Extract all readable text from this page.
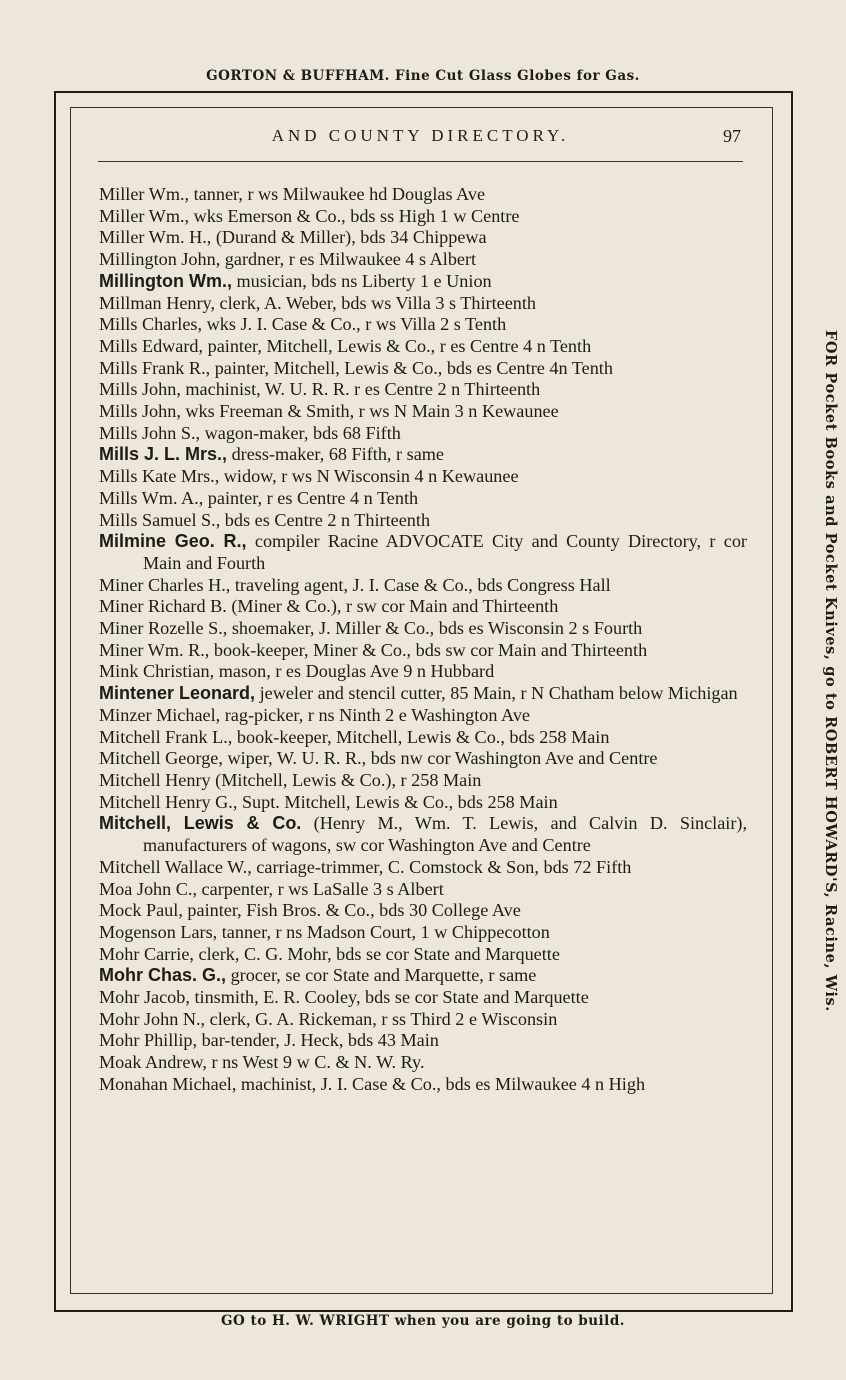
GORTON & BUFFHAM. Fine Cut Glass Globes for Gas.
AND COUNTY DIRECTORY.	97

Miller Wm., tanner, r ws Milwaukee hd Douglas Ave

Miller Wm., wks Emerson & Co., bds ss High 1 w Centre

Miller Wm. H., (Durand & Miller), bds 34 Chippewa

Millington John, gardner, r es Milwaukee 4 s Albert

Millington Wm., musician, bds ns Liberty 1 e Union

Millman Henry, clerk, A. Weber, bds ws Villa 3 s Thirteenth

Mills Charles, wks J. I. Case & Co., r ws Villa 2 s Tenth

Mills Edward, painter, Mitchell, Lewis & Co., r es Centre 4 n Tenth

Mills Frank R., painter, Mitchell, Lewis & Co., bds es Centre 4n Tenth

Mills John, machinist, W. U. R. R. r es Centre 2 n Thirteenth

Mills John, wks Freeman & Smith, r ws N Main 3 n Kewaunee

Mills John S., wagon-maker, bds 68 Fifth

Mills J. L. Mrs., dress-maker, 68 Fifth, r same

Mills Kate Mrs., widow, r ws N Wisconsin 4 n Kewaunee

Mills Wm. A., painter, r es Centre 4 n Tenth

Mills Samuel S., bds es Centre 2 n Thirteenth

Milmine Geo. R., compiler Racine ADVOCATE City and County Directory, r cor Main and Fourth

Miner Charles H., traveling agent, J. I. Case & Co., bds Congress Hall

Miner Richard B. (Miner & Co.), r sw cor Main and Thirteenth

Miner Rozelle S., shoemaker, J. Miller & Co., bds es Wisconsin 2 s Fourth

Miner Wm. R., book-keeper, Miner & Co., bds sw cor Main and Thirteenth

Mink Christian, mason, r es Douglas Ave 9 n Hubbard

Mintener Leonard, jeweler and stencil cutter, 85 Main, r N Chatham below Michigan

Minzer Michael, rag-picker, r ns Ninth 2 e Washington Ave

Mitchell Frank L., book-keeper, Mitchell, Lewis & Co., bds 258 Main

Mitchell George, wiper, W. U. R. R., bds nw cor Washington Ave and Centre

Mitchell Henry (Mitchell, Lewis & Co.), r 258 Main

Mitchell Henry G., Supt. Mitchell, Lewis & Co., bds 258 Main

Mitchell, Lewis & Co. (Henry M., Wm. T. Lewis, and Calvin D. Sinclair), manufacturers of wagons, sw cor Washington Ave and Centre

Mitchell Wallace W., carriage-trimmer, C. Comstock & Son, bds 72 Fifth

Moa John C., carpenter, r ws LaSalle 3 s Albert

Mock Paul, painter, Fish Bros. & Co., bds 30 College Ave

Mogenson Lars, tanner, r ns Madson Court, 1 w Chippecotton

Mohr Carrie, clerk, C. G. Mohr, bds se cor State and Marquette

Mohr Chas. G., grocer, se cor State and Marquette, r same

Mohr Jacob, tinsmith, E. R. Cooley, bds se cor State and Marquette

Mohr John N., clerk, G. A. Rickeman, r ss Third 2 e Wisconsin

Mohr Phillip, bar-tender, J. Heck, bds 43 Main

Moak Andrew, r ns West 9 w C. & N. W. Ry.

Monahan Michael, machinist, J. I. Case & Co., bds es Milwaukee 4 n High

FOR Pocket Books and Pocket Knives, go to ROBERT HOWARD'S, Racine, Wis.
GO to H. W. WRIGHT when you are going to build.
